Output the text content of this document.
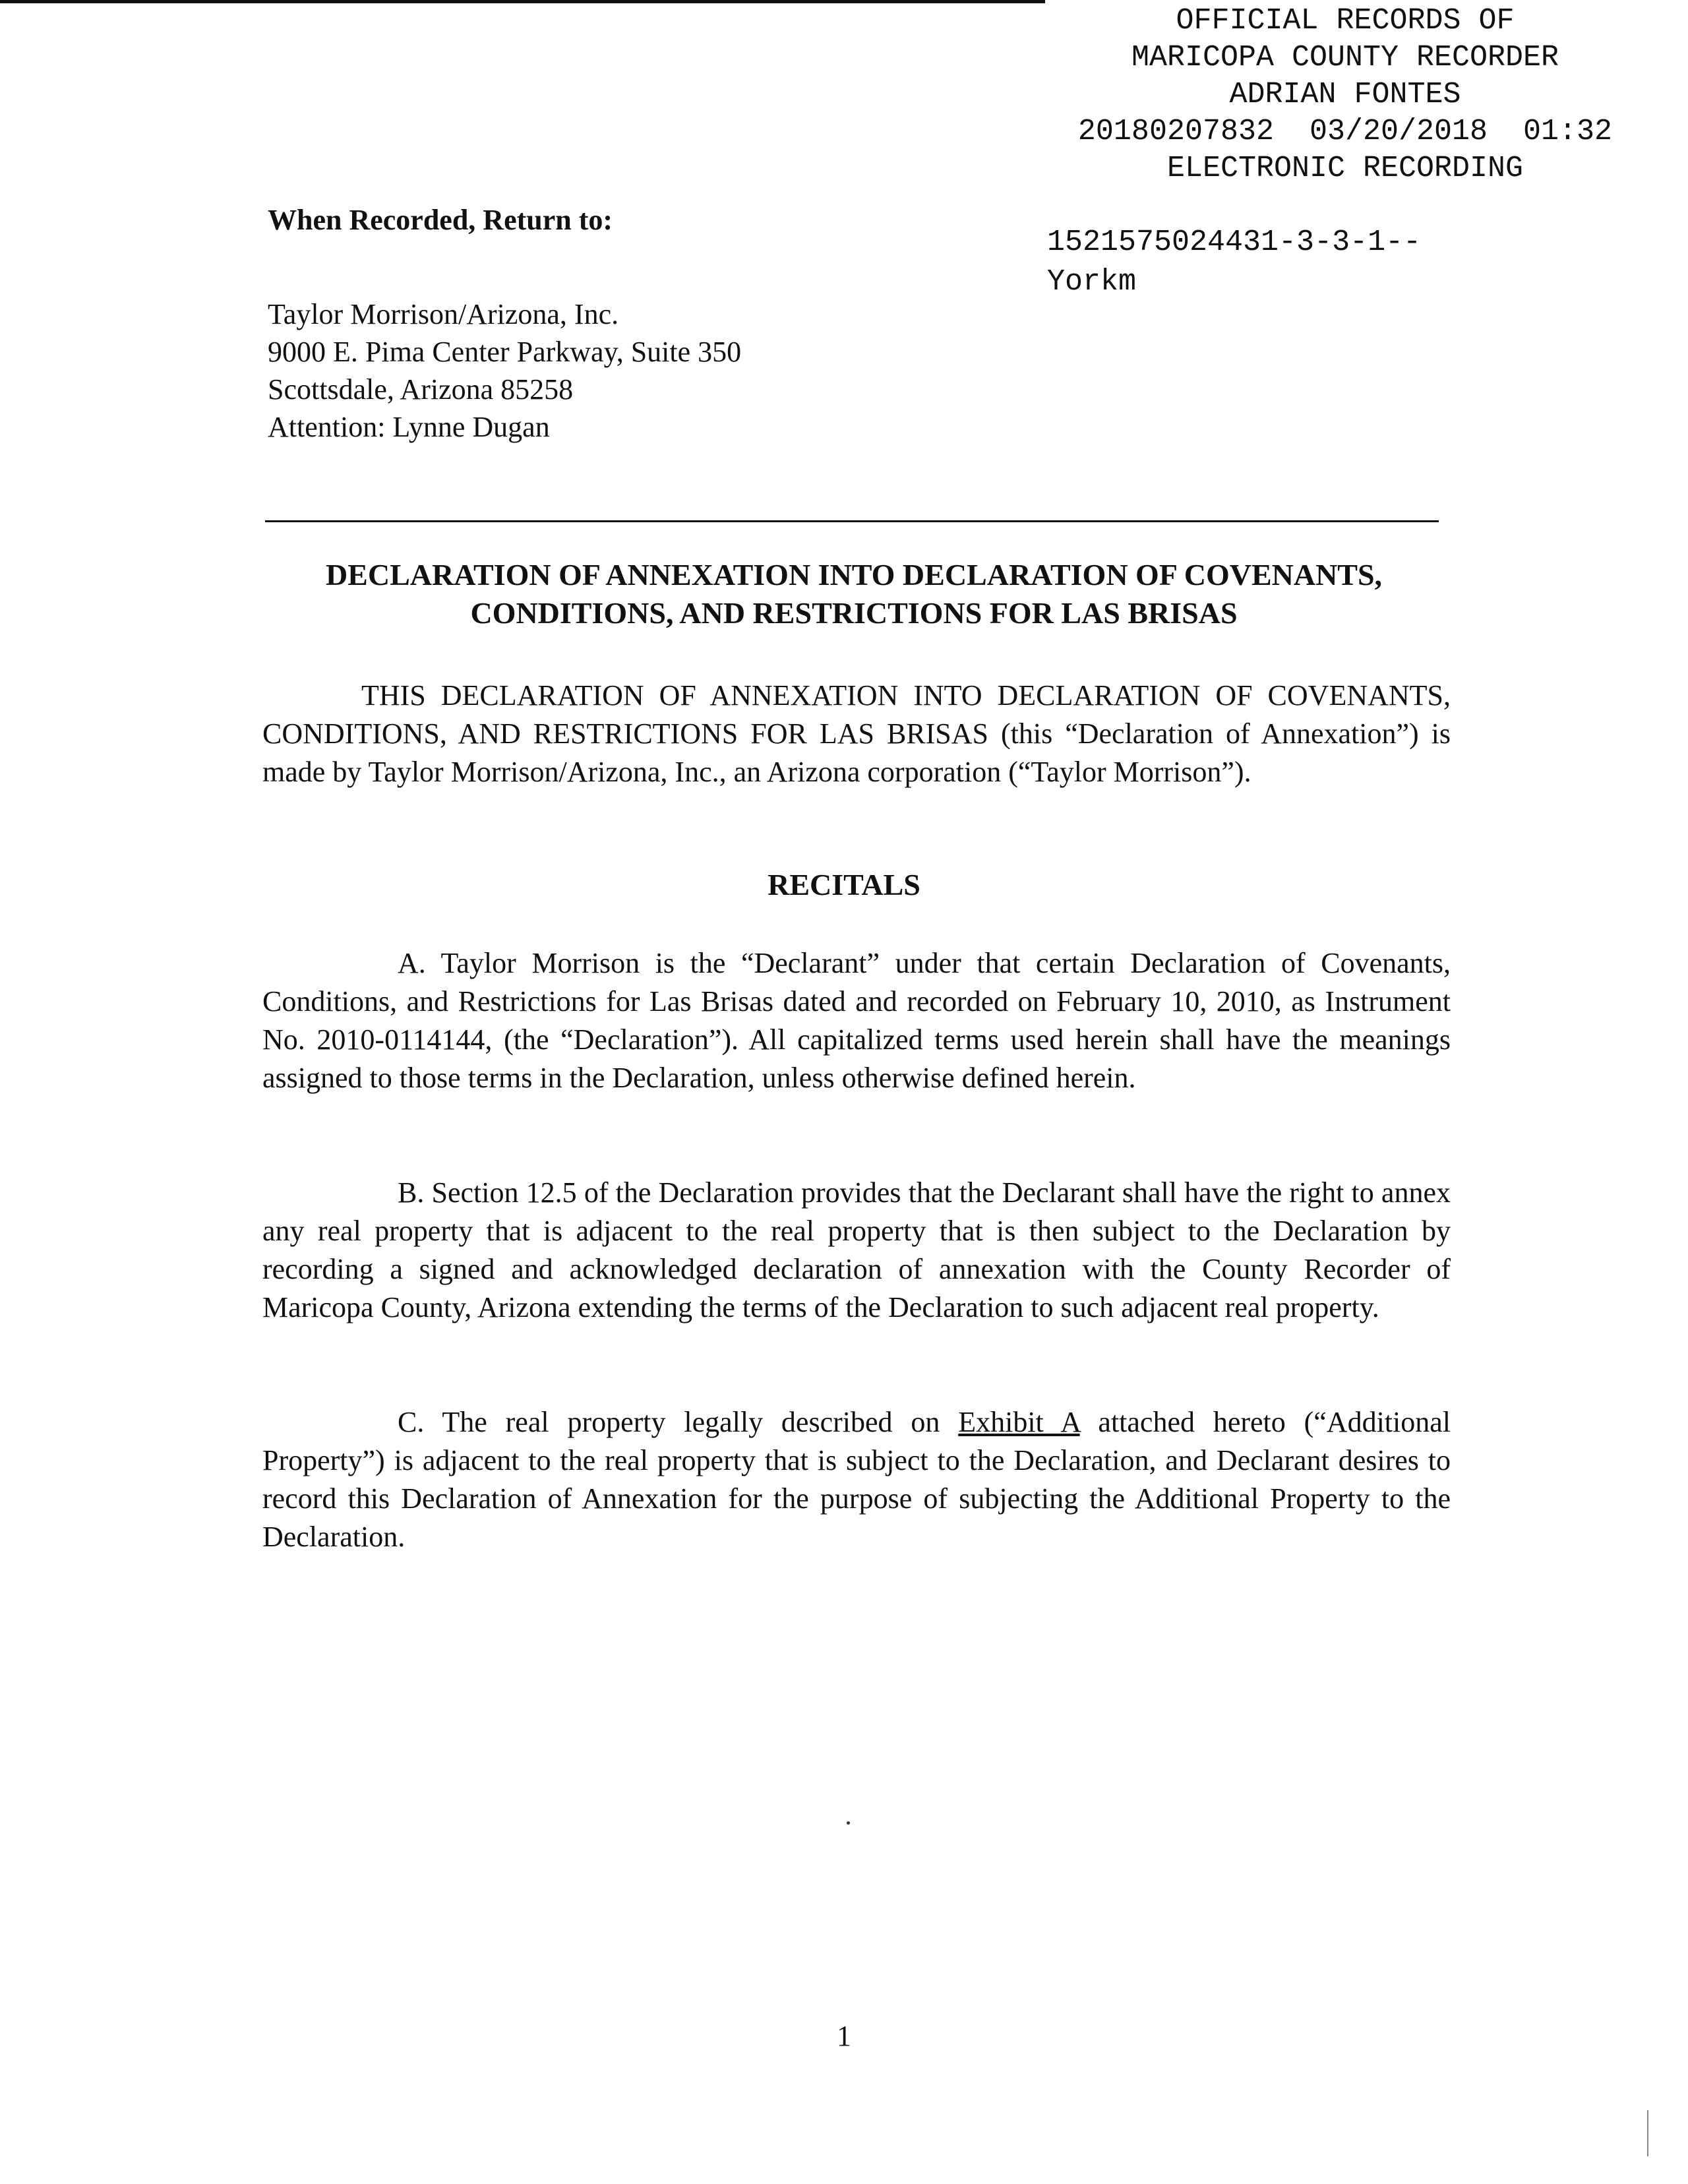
OFFICIAL RECORDS OF
MARICOPA COUNTY RECORDER
ADRIAN FONTES
20180207832  03/20/2018  01:32
ELECTRONIC RECORDING
1521575024431-3-3-1--
Yorkm
When Recorded, Return to:
Taylor Morrison/Arizona, Inc.
9000 E. Pima Center Parkway, Suite 350
Scottsdale, Arizona 85258
Attention: Lynne Dugan
DECLARATION OF ANNEXATION INTO DECLARATION OF COVENANTS,
CONDITIONS, AND RESTRICTIONS FOR LAS BRISAS

THIS DECLARATION OF ANNEXATION INTO DECLARATION OF COVENANTS, CONDITIONS, AND RESTRICTIONS FOR LAS BRISAS (this “Declaration of Annexation”) is made by Taylor Morrison/Arizona, Inc., an Arizona corporation (“Taylor Morrison”).

RECITALS

A. Taylor Morrison is the “Declarant” under that certain Declaration of Covenants, Conditions, and Restrictions for Las Brisas dated and recorded on February 10, 2010, as Instrument No. 2010-0114144, (the “Declaration”). All capitalized terms used herein shall have the meanings assigned to those terms in the Declaration, unless otherwise defined herein.

B. Section 12.5 of the Declaration provides that the Declarant shall have the right to annex any real property that is adjacent to the real property that is then subject to the Declaration by recording a signed and acknowledged declaration of annexation with the County Recorder of Maricopa County, Arizona extending the terms of the Declaration to such adjacent real property.

C. The real property legally described on Exhibit A attached hereto (“Additional Property”) is adjacent to the real property that is subject to the Declaration, and Declarant desires to record this Declaration of Annexation for the purpose of subjecting the Additional Property to the Declaration.

1
